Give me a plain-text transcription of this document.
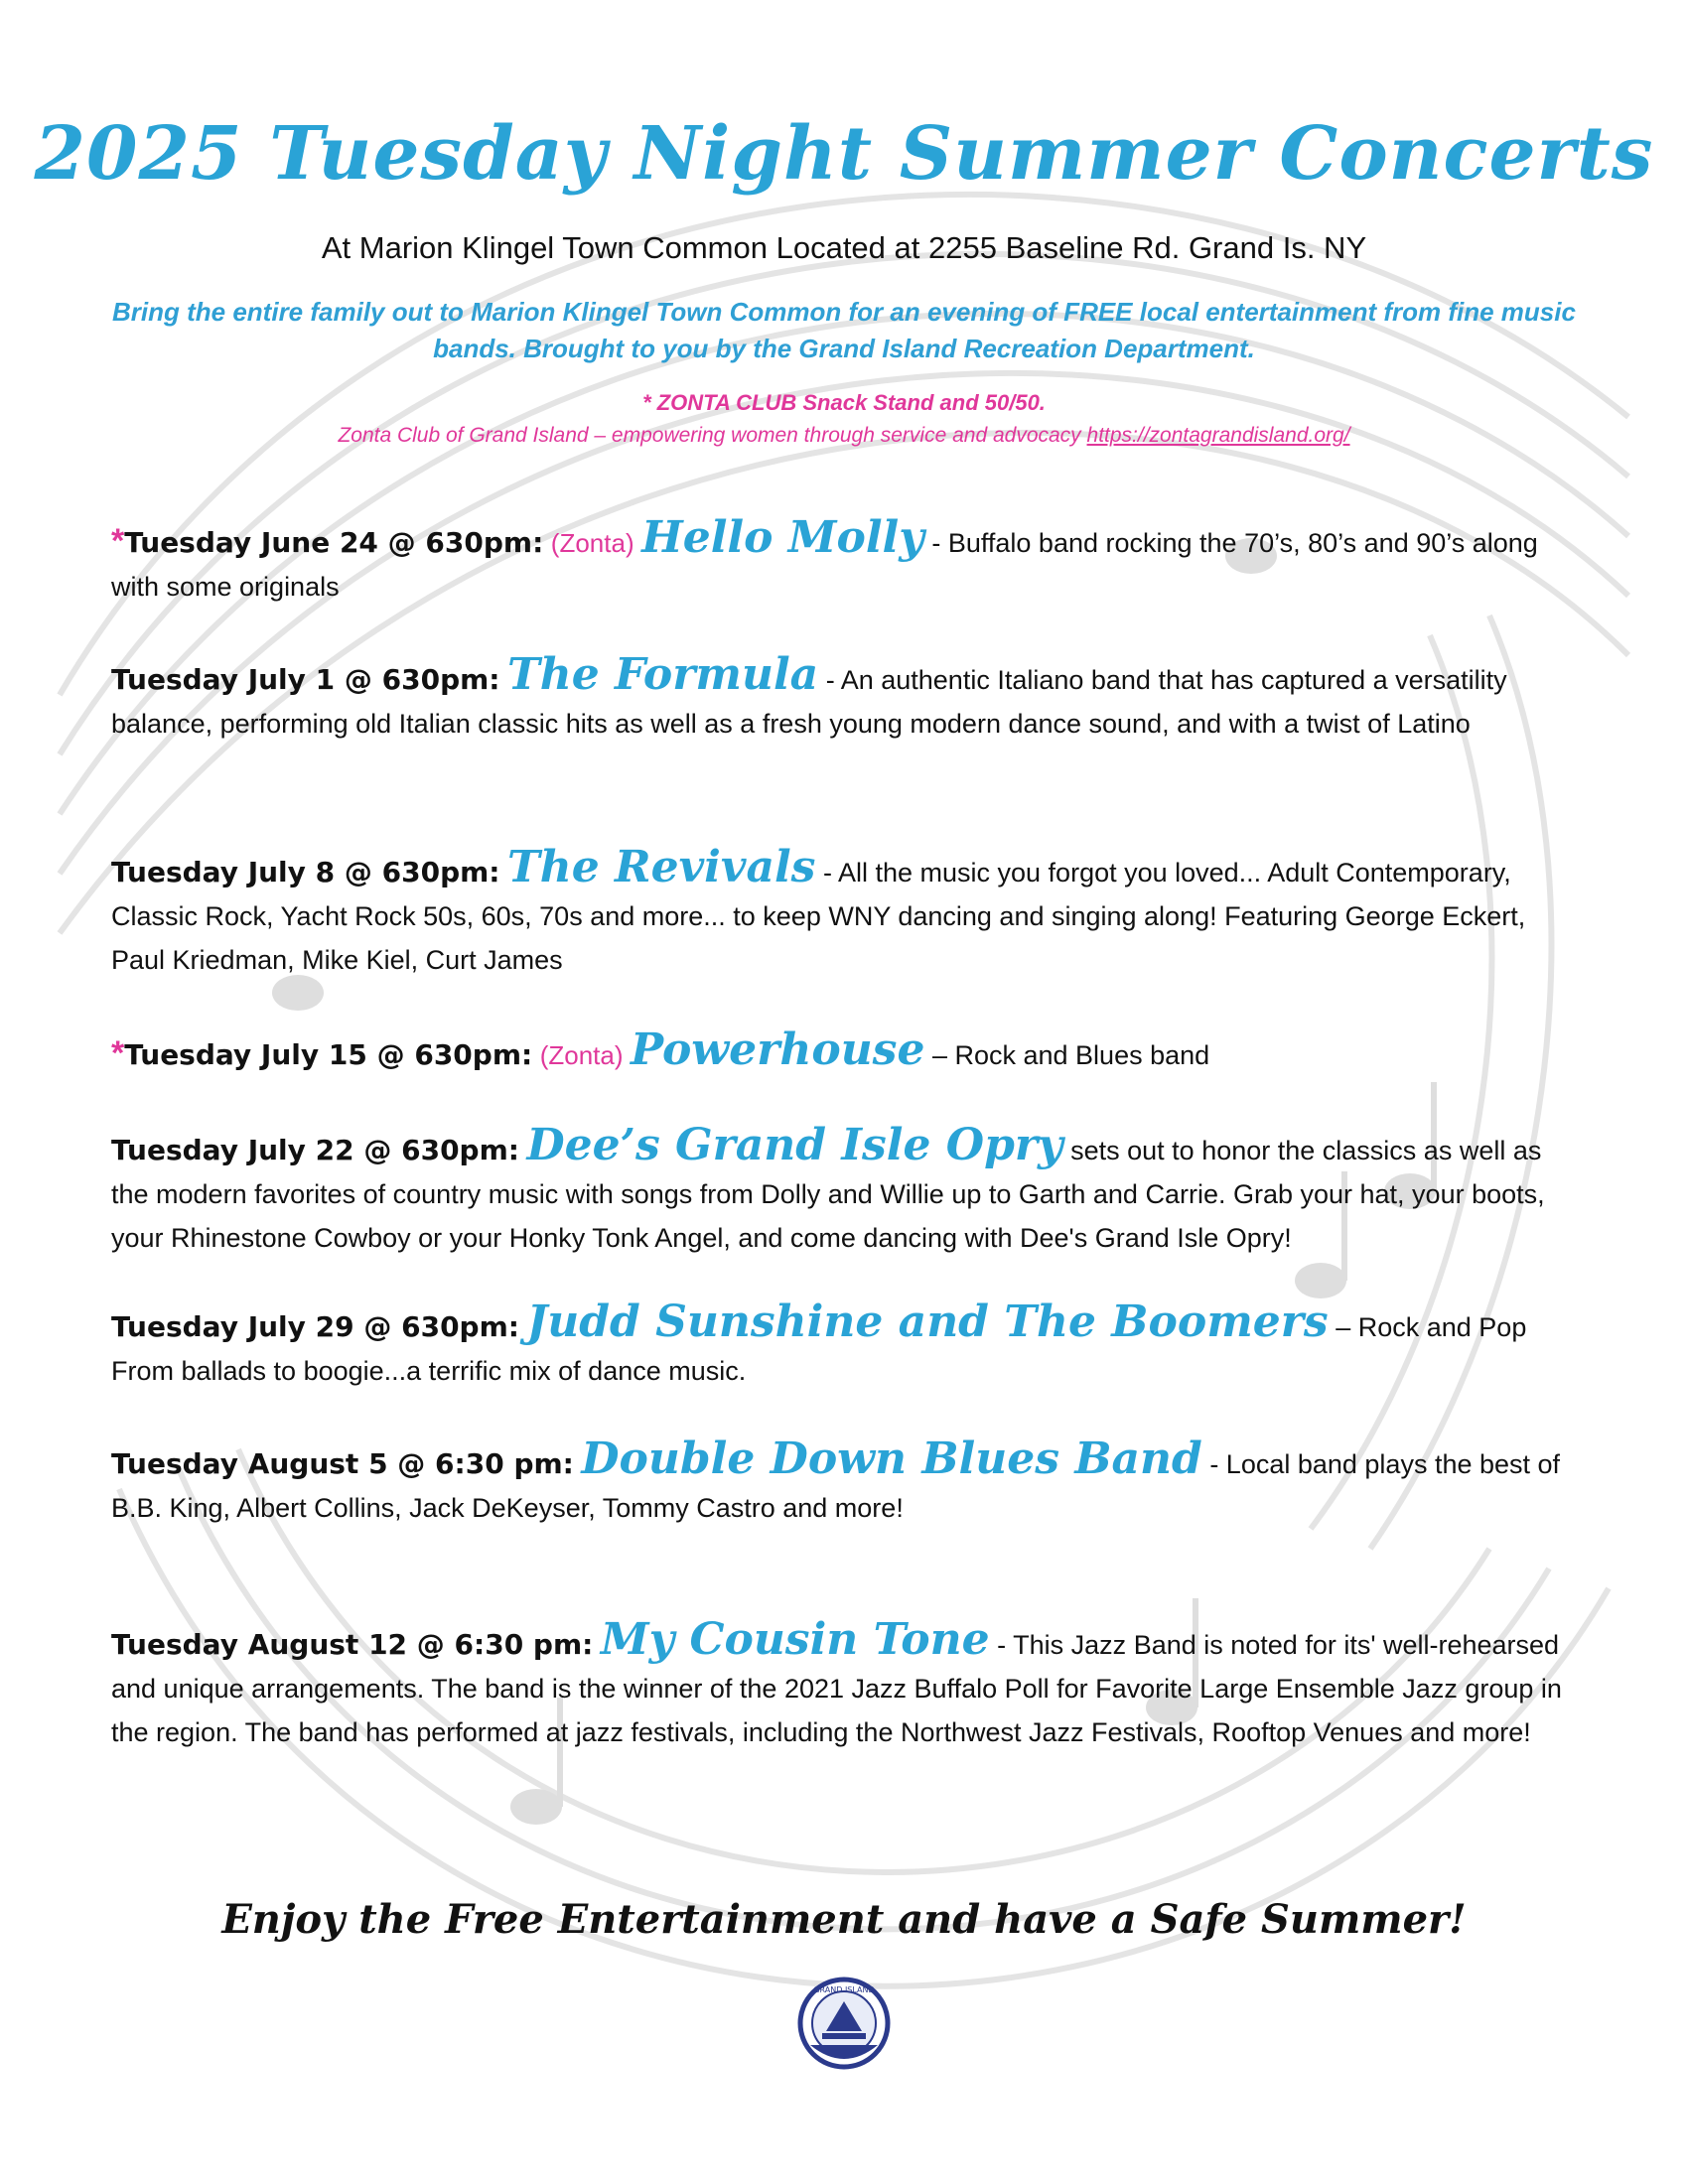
2025 Tuesday Night Summer Concerts
At Marion Klingel Town Common Located at 2255 Baseline Rd. Grand Is. NY
Bring the entire family out to Marion Klingel Town Common for an evening of FREE local entertainment from fine music bands. Brought to you by the Grand Island Recreation Department.
* ZONTA CLUB Snack Stand and 50/50.
Zonta Club of Grand Island – empowering women through service and advocacy https://zontagrandisland.org/
*Tuesday June 24 @ 630pm: (Zonta) Hello Molly - Buffalo band rocking the 70’s, 80’s and 90’s along with some originals
Tuesday July 1 @ 630pm: The Formula - An authentic Italiano band that has captured a versatility balance, performing old Italian classic hits as well as a fresh young modern dance sound, and with a twist of Latino
Tuesday July 8 @ 630pm: The Revivals - All the music you forgot you loved... Adult Contemporary, Classic Rock, Yacht Rock 50s, 60s, 70s and more... to keep WNY dancing and singing along! Featuring George Eckert, Paul Kriedman, Mike Kiel, Curt James
*Tuesday July 15 @ 630pm: (Zonta) Powerhouse – Rock and Blues band
Tuesday July 22 @ 630pm: Dee’s Grand Isle Opry sets out to honor the classics as well as the modern favorites of country music with songs from Dolly and Willie up to Garth and Carrie. Grab your hat, your boots, your Rhinestone Cowboy or your Honky Tonk Angel, and come dancing with Dee's Grand Isle Opry!
Tuesday July 29 @ 630pm: Judd Sunshine and The Boomers – Rock and Pop From ballads to boogie...a terrific mix of dance music.
Tuesday August 5 @ 6:30 pm: Double Down Blues Band - Local band plays the best of B.B. King, Albert Collins, Jack DeKeyser, Tommy Castro and more!
Tuesday August 12 @ 6:30 pm: My Cousin Tone - This Jazz Band is noted for its' well-rehearsed and unique arrangements. The band is the winner of the 2021 Jazz Buffalo Poll for Favorite Large Ensemble Jazz group in the region. The band has performed at jazz festivals, including the Northwest Jazz Festivals, Rooftop Venues and more!
Enjoy the Free Entertainment and have a Safe Summer!
GRAND ISLAND
